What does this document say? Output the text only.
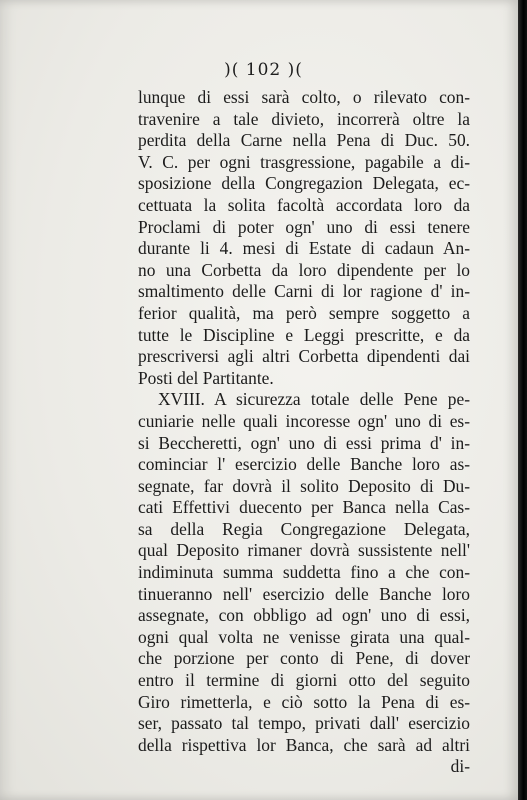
)( 102 )(
lunque di essi sarà colto, o rilevato con-
travenire a tale divieto, incorrerà oltre la
perdita della Carne nella Pena di Duc. 50.
V. C. per ogni trasgressione, pagabile a di-
sposizione della Congregazion Delegata, ec-
cettuata la solita facoltà accordata loro da
Proclami di poter ogn' uno di essi tenere
durante li 4. mesi di Estate di cadaun An-
no una Corbetta da loro dipendente per lo
smaltimento delle Carni di lor ragione d' in-
ferior qualità, ma però sempre soggetto a
tutte le Discipline e Leggi prescritte, e da
prescriversi agli altri Corbetta dipendenti dai
Posti del Partitante.
XVIII. A sicurezza totale delle Pene pe-
cuniarie nelle quali incoresse ogn' uno di es-
si Beccheretti, ogn' uno di essi prima d' in-
cominciar l' esercizio delle Banche loro as-
segnate, far dovrà il solito Deposito di Du-
cati Effettivi duecento per Banca nella Cas-
sa della Regia Congregazione Delegata,
qual Deposito rimaner dovrà sussistente nell'
indiminuta summa suddetta fino a che con-
tinueranno nell' esercizio delle Banche loro
assegnate, con obbligo ad ogn' uno di essi,
ogni qual volta ne venisse girata una qual-
che porzione per conto di Pene, di dover
entro il termine di giorni otto del seguito
Giro rimetterla, e ciò sotto la Pena di es-
ser, passato tal tempo, privati dall' esercizio
della rispettiva lor Banca, che sarà ad altri
di-
